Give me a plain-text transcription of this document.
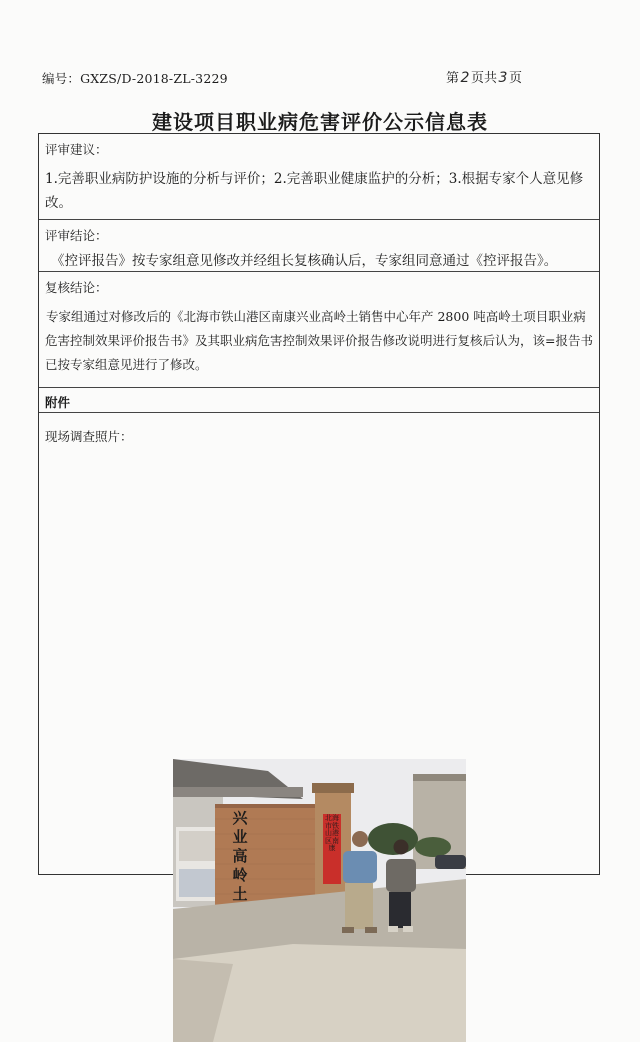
编号：GXZS/D-2018-ZL-3229	第 2 页共 3 页
建设项目职业病危害评价公示信息表
评审建议：
1.完善职业病防护设施的分析与评价；2.完善职业健康监护的分析；3.根据专家个人意见修改。
评审结论：
《控评报告》按专家组意见修改并经组长复核确认后，专家组同意通过《控评报告》。
复核结论：
专家组通过对修改后的《北海市铁山港区南康兴业高岭土销售中心年产 2800 吨高岭土项目职业病危害控制效果评价报告书》及其职业病危害控制效果评价报告修改说明进行复核后认为，该=报告书已按专家组意见进行了修改。
附件
现场调查照片：
兴
业
高
岭
土
北海市铁山港区南康
